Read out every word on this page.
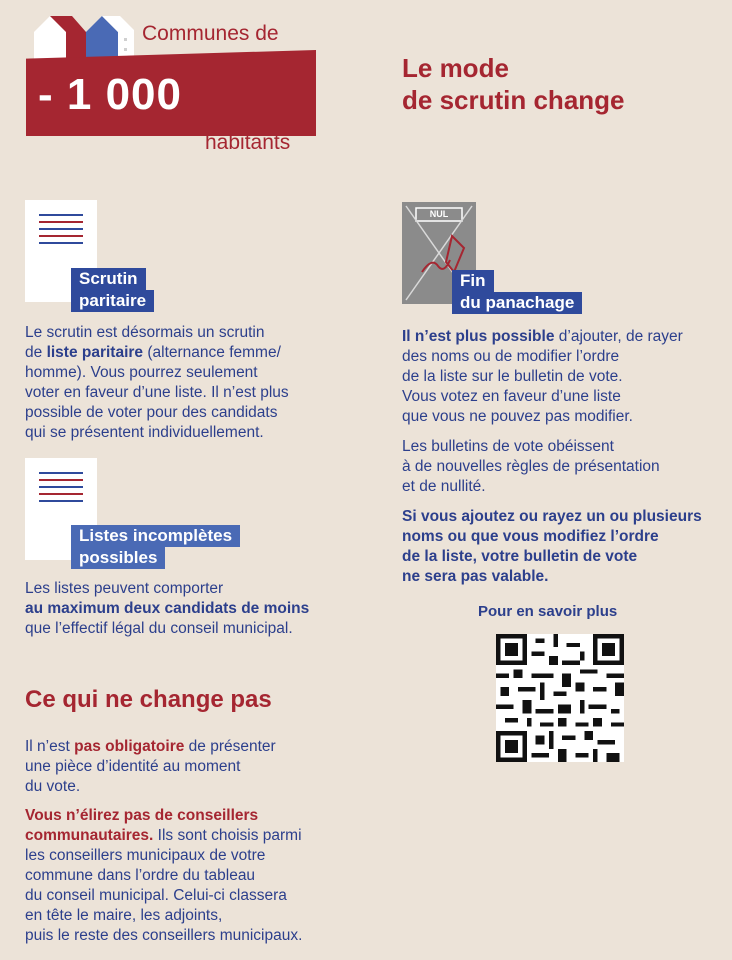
- 1 000
Communes de
habitants
Le mode
de scrutin change
Scrutin
paritaire

Le scrutin est désormais un scrutin

de liste paritaire (alternance femme/

homme). Vous pourrez seulement

voter en faveur d’une liste. Il n’est plus

possible de voter pour des candidats

qui se présentent individuellement.

Listes incomplètes
possibles

Les listes peuvent comporter

au maximum deux candidats de moins

que l’effectif légal du conseil municipal.

Ce qui ne change pas

Il n’est pas obligatoire de présenter

une pièce d’identité au moment

du vote.

Vous n’élirez pas de conseillers

communautaires. Ils sont choisis parmi

les conseillers municipaux de votre

commune dans l’ordre du tableau

du conseil municipal. Celui-ci classera

en tête le maire, les adjoints,

puis le reste des conseillers municipaux.

NUL
Fin
du panachage

Il n’est plus possible d’ajouter, de rayer

des noms ou de modifier l’ordre

de la liste sur le bulletin de vote.

Vous votez en faveur d’une liste

que vous ne pouvez pas modifier.

Les bulletins de vote obéissent

à de nouvelles règles de présentation

et de nullité.

Si vous ajoutez ou rayez un ou plusieurs

noms ou que vous modifiez l’ordre

de la liste, votre bulletin de vote

ne sera pas valable.

Pour en savoir plus
